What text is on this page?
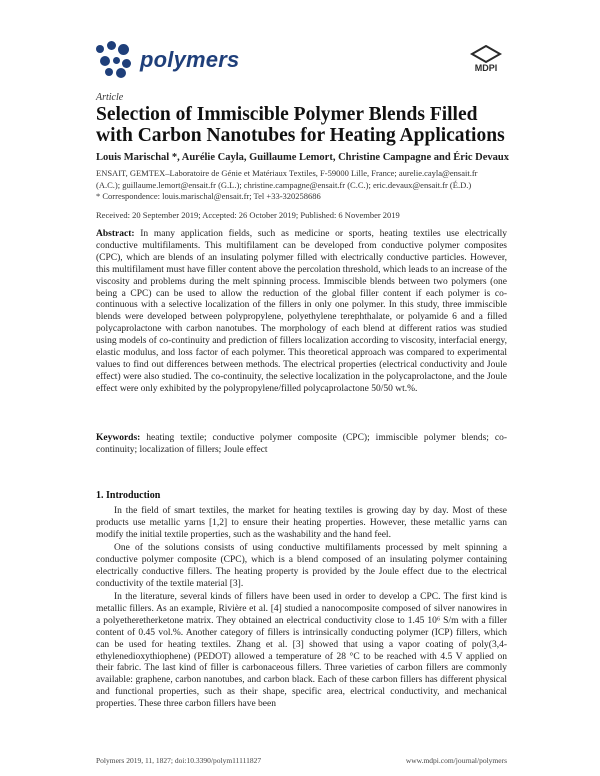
polymers	MDPI
Article
Selection of Immiscible Polymer Blends Filled with Carbon Nanotubes for Heating Applications
Louis Marischal *, Aurélie Cayla, Guillaume Lemort, Christine Campagne and Éric Devaux
ENSAIT, GEMTEX–Laboratoire de Génie et Matériaux Textiles, F-59000 Lille, France; aurelie.cayla@ensait.fr
(A.C.); guillaume.lemort@ensait.fr (G.L.); christine.campagne@ensait.fr (C.C.); eric.devaux@ensait.fr (É.D.)
* Correspondence: louis.marischal@ensait.fr; Tel +33-320258686
Received: 20 September 2019; Accepted: 26 October 2019; Published: 6 November 2019

Abstract: In many application fields, such as medicine or sports, heating textiles use electrically conductive multifilaments. This multifilament can be developed from conductive polymer composites (CPC), which are blends of an insulating polymer filled with electrically conductive particles. However, this multifilament must have filler content above the percolation threshold, which leads to an increase of the viscosity and problems during the melt spinning process. Immiscible blends between two polymers (one being a CPC) can be used to allow the reduction of the global filler content if each polymer is co-continuous with a selective localization of the fillers in only one polymer. In this study, three immiscible blends were developed between polypropylene, polyethylene terephthalate, or polyamide 6 and a filled polycaprolactone with carbon nanotubes. The morphology of each blend at different ratios was studied using models of co-continuity and prediction of fillers localization according to viscosity, interfacial energy, elastic modulus, and loss factor of each polymer. This theoretical approach was compared to experimental values to find out differences between methods. The electrical properties (electrical conductivity and Joule effect) were also studied. The co-continuity, the selective localization in the polycaprolactone, and the Joule effect were only exhibited by the polypropylene/filled polycaprolactone 50/50 wt.%.

Keywords: heating textile; conductive polymer composite (CPC); immiscible polymer blends; co-continuity; localization of fillers; Joule effect

1. Introduction

In the field of smart textiles, the market for heating textiles is growing day by day. Most of these products use metallic yarns [1,2] to ensure their heating properties. However, these metallic yarns can modify the initial textile properties, such as the washability and the hand feel.

One of the solutions consists of using conductive multifilaments processed by melt spinning a conductive polymer composite (CPC), which is a blend composed of an insulating polymer containing electrically conductive fillers. The heating property is provided by the Joule effect due to the electrical conductivity of the textile material [3].

In the literature, several kinds of fillers have been used in order to develop a CPC. The first kind is metallic fillers. As an example, Rivière et al. [4] studied a nanocomposite composed of silver nanowires in a polyetheretherketone matrix. They obtained an electrical conductivity close to 1.45 10⁶ S/m with a filler content of 0.45 vol.%. Another category of fillers is intrinsically conducting polymer (ICP) fillers, which can be used for heating textiles. Zhang et al. [3] showed that using a vapor coating of poly(3,4-ethylenedioxythiophene) (PEDOT) allowed a temperature of 28 °C to be reached with 4.5 V applied on their fabric. The last kind of filler is carbonaceous fillers. Three varieties of carbon fillers are commonly available: graphene, carbon nanotubes, and carbon black. Each of these carbon fillers has different physical and functional properties, such as their shape, specific area, electrical conductivity, and mechanical properties. These three carbon fillers have been

Polymers 2019, 11, 1827; doi:10.3390/polym11111827	www.mdpi.com/journal/polymers
